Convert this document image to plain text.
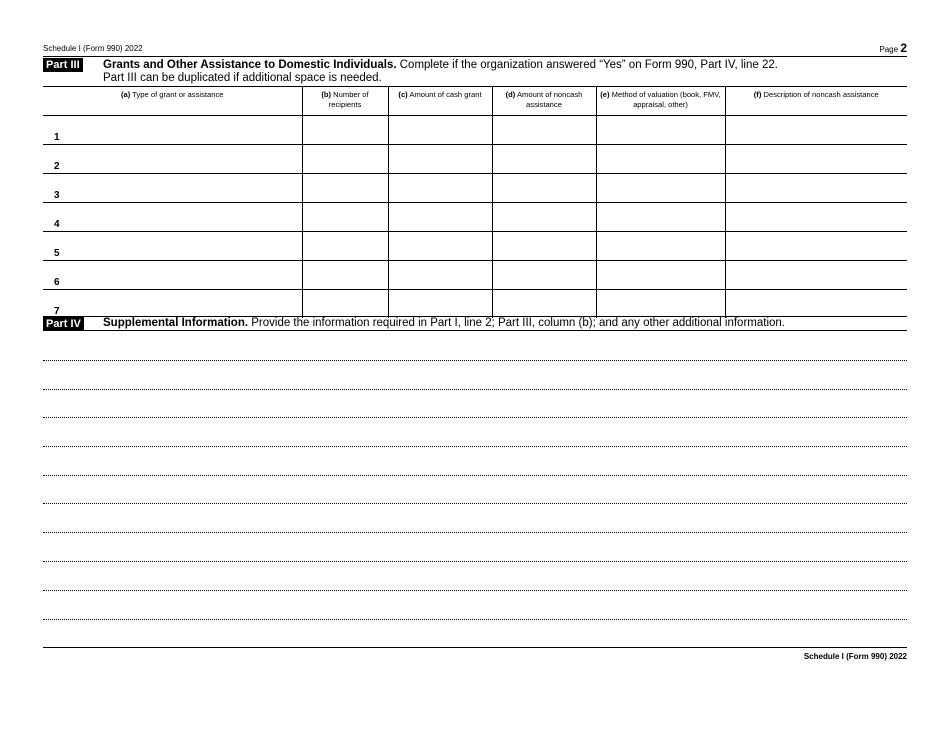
Schedule I (Form 990) 2022	Page 2
Part III Grants and Other Assistance to Domestic Individuals. Complete if the organization answered “Yes” on Form 990, Part IV, line 22.
Part III can be duplicated if additional space is needed.
(a) Type of grant or assistance	(b) Number of recipients	(c) Amount of cash grant	(d) Amount of noncash assistance	(e) Method of valuation (book, FMV, appraisal, other)	(f) Description of noncash assistance

1					

2					

3					

4					

5					

6					

7					

Part IV Supplemental Information. Provide the information required in Part I, line 2; Part III, column (b); and any other additional information.
Schedule I (Form 990) 2022
